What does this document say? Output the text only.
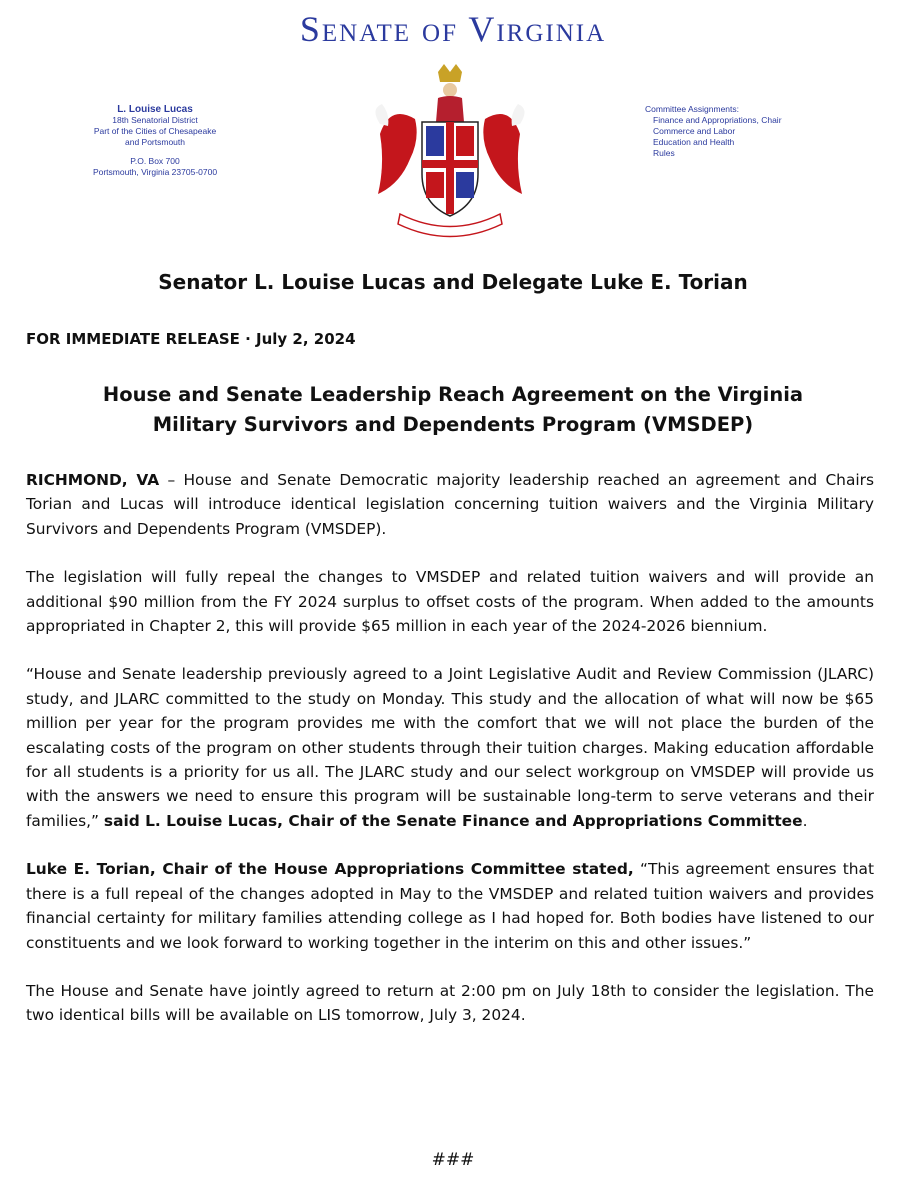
Senate of Virginia
L. Louise Lucas
18th Senatorial District
Part of the Cities of Chesapeake
and Portsmouth
P.O. Box 700
Portsmouth, Virginia 23705-0700
Committee Assignments:
Finance and Appropriations, Chair
Commerce and Labor
Education and Health
Rules
Senator L. Louise Lucas and Delegate Luke E. Torian
FOR IMMEDIATE RELEASE · July 2, 2024
House and Senate Leadership Reach Agreement on the Virginia
Military Survivors and Dependents Program (VMSDEP)

RICHMOND, VA – House and Senate Democratic majority leadership reached an agreement and Chairs Torian and Lucas will introduce identical legislation concerning tuition waivers and the Virginia Military Survivors and Dependents Program (VMSDEP).

The legislation will fully repeal the changes to VMSDEP and related tuition waivers and will provide an additional $90 million from the FY 2024 surplus to offset costs of the program. When added to the amounts appropriated in Chapter 2, this will provide $65 million in each year of the 2024-2026 biennium.

“House and Senate leadership previously agreed to a Joint Legislative Audit and Review Commission (JLARC) study, and JLARC committed to the study on Monday. This study and the allocation of what will now be $65 million per year for the program provides me with the comfort that we will not place the burden of the escalating costs of the program on other students through their tuition charges. Making education affordable for all students is a priority for us all. The JLARC study and our select workgroup on VMSDEP will provide us with the answers we need to ensure this program will be sustainable long-term to serve veterans and their families,” said L. Louise Lucas, Chair of the Senate Finance and Appropriations Committee.

Luke E. Torian, Chair of the House Appropriations Committee stated, “This agreement ensures that there is a full repeal of the changes adopted in May to the VMSDEP and related tuition waivers and provides financial certainty for military families attending college as I had hoped for. Both bodies have listened to our constituents and we look forward to working together in the interim on this and other issues.”

The House and Senate have jointly agreed to return at 2:00 pm on July 18th to consider the legislation. The two identical bills will be available on LIS tomorrow, July 3, 2024.

###
